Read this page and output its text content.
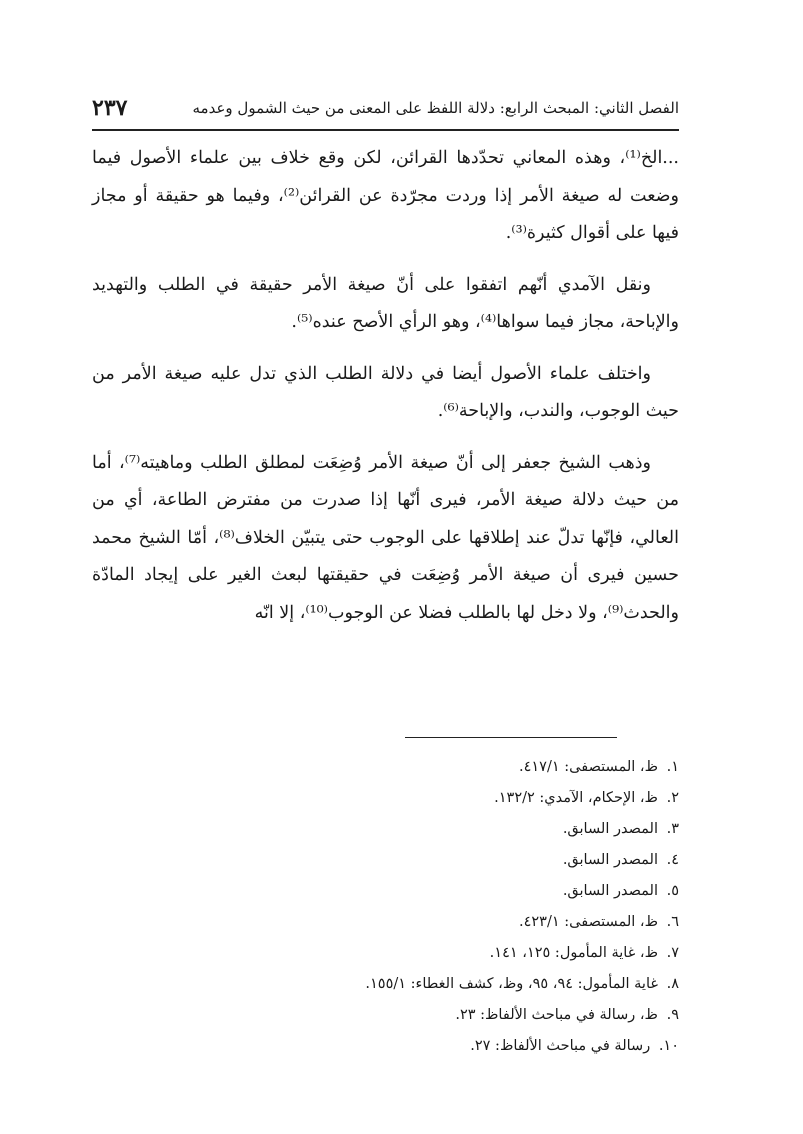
الفصل الثاني: المبحث الرابع: دلالة اللفظ على المعنى من حيث الشمول وعدمه
٢٣٧

...الخ⁽¹⁾، وهذه المعاني تحدّدها القرائن، لكن وقع خلاف بين علماء الأصول فيما وضعت له صيغة الأمر إذا وردت مجرّدة عن القرائن⁽²⁾، وفيما هو حقيقة أو مجاز فيها على أقوال كثيرة⁽³⁾.

ونقل الآمدي أنّهم اتفقوا على أنّ صيغة الأمر حقيقة في الطلب والتهديد والإباحة، مجاز فيما سواها⁽⁴⁾، وهو الرأي الأصح عنده⁽⁵⁾.

واختلف علماء الأصول أيضا في دلالة الطلب الذي تدل عليه صيغة الأمر من حيث الوجوب، والندب، والإباحة⁽⁶⁾.

وذهب الشيخ جعفر إلى أنّ صيغة الأمر وُضِعَت لمطلق الطلب وماهيته⁽⁷⁾، أما من حيث دلالة صيغة الأمر، فيرى أنّها إذا صدرت من مفترض الطاعة، أي من العالي، فإنّها تدلّ عند إطلاقها على الوجوب حتى يتبيّن الخلاف⁽⁸⁾، أمّا الشيخ محمد حسين فيرى أن صيغة الأمر وُضِعَت في حقيقتها لبعث الغير على إيجاد المادّة والحدث⁽⁹⁾، ولا دخل لها بالطلب فضلا عن الوجوب⁽¹⁰⁾، إلا انّه

١. ظ، المستصفى: ٤١٧/١.
٢. ظ، الإحكام، الآمدي: ١٣٢/٢.
٣. المصدر السابق.
٤. المصدر السابق.
٥. المصدر السابق.
٦. ظ، المستصفى: ٤٢٣/١.
٧. ظ، غاية المأمول: ١٢٥، ١٤١.
٨. غاية المأمول: ٩٤، ٩٥، وظ، كشف الغطاء: ١٥٥/١.
٩. ظ، رسالة في مباحث الألفاظ: ٢٣.
١٠. رسالة في مباحث الألفاظ: ٢٧.
